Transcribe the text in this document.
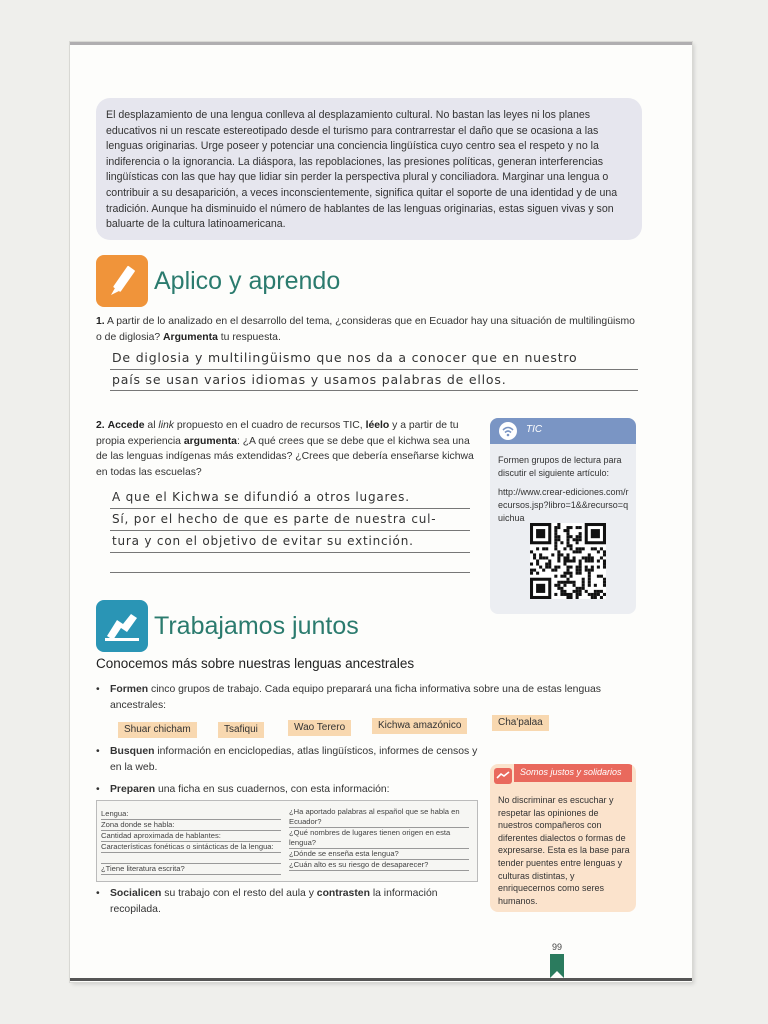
El desplazamiento de una lengua conlleva al desplazamiento cultural. No bastan las leyes ni los planes educativos ni un rescate estereotipado desde el turismo para contrarrestar el daño que se ocasiona a las lenguas originarias. Urge poseer y potenciar una conciencia lingüística cuyo centro sea el respeto y no la indiferencia o la ignorancia. La diáspora, las repoblaciones, las presiones políticas, generan interferencias lingüísticas con las que hay que lidiar sin perder la perspectiva plural y conciliadora. Marginar una lengua o contribuir a su desaparición, a veces inconscientemente, significa quitar el soporte de una identidad y de una tradición. Aunque ha disminuido el número de hablantes de las lenguas originarias, estas siguen vivas y son baluarte de la cultura latinoamericana.

Aplico y aprendo
1. A partir de lo analizado en el desarrollo del tema, ¿consideras que en Ecuador hay una situación de multilingüismo o de diglosia? Argumenta tu respuesta.
De diglosia y multilingüismo que nos da a conocer que en nuestro
país se usan varios idiomas y usamos palabras de ellos.
2. Accede al link propuesto en el cuadro de recursos TIC, léelo y a partir de tu propia experiencia argumenta: ¿A qué crees que se debe que el kichwa sea una de las lenguas indígenas más extendidas? ¿Crees que debería enseñarse kichwa en todas las escuelas?
A que el Kichwa se difundió a otros lugares.
Sí, por el hecho de que es parte de nuestra cul-
tura y con el objetivo de evitar su extinción.
TIC
Formen grupos de lectura para discutir el siguiente artículo:
http://www.crear-ediciones.com/recursos.jsp?libro=1&&recurso=quichua
Trabajamos juntos
Conocemos más sobre nuestras lenguas ancestrales
• Formen cinco grupos de trabajo. Cada equipo preparará una ficha informativa sobre una de estas lenguas ancestrales:
Shuar chicham	Tsafiqui	Wao Terero	Kichwa amazónico	Cha'palaa
• Busquen información en enciclopedias, atlas lingüísticos, informes de censos y en la web.
• Preparen una ficha en sus cuadernos, con esta información:
Lengua:
Zona donde se habla:
Cantidad aproximada de hablantes:
Características fonéticas o sintácticas de la lengua:
¿Tiene literatura escrita?
¿Ha aportado palabras al español que se habla en Ecuador?
¿Qué nombres de lugares tienen origen en esta lengua?
¿Dónde se enseña esta lengua?
¿Cuán alto es su riesgo de desaparecer?
• Socialicen su trabajo con el resto del aula y contrasten la información recopilada.
Somos justos y solidarios
No discriminar es escuchar y respetar las opiniones de nuestros compañeros con diferentes dialectos o formas de expresarse. Esta es la base para tender puentes entre lenguas y culturas distintas, y enriquecernos como seres humanos.
99
